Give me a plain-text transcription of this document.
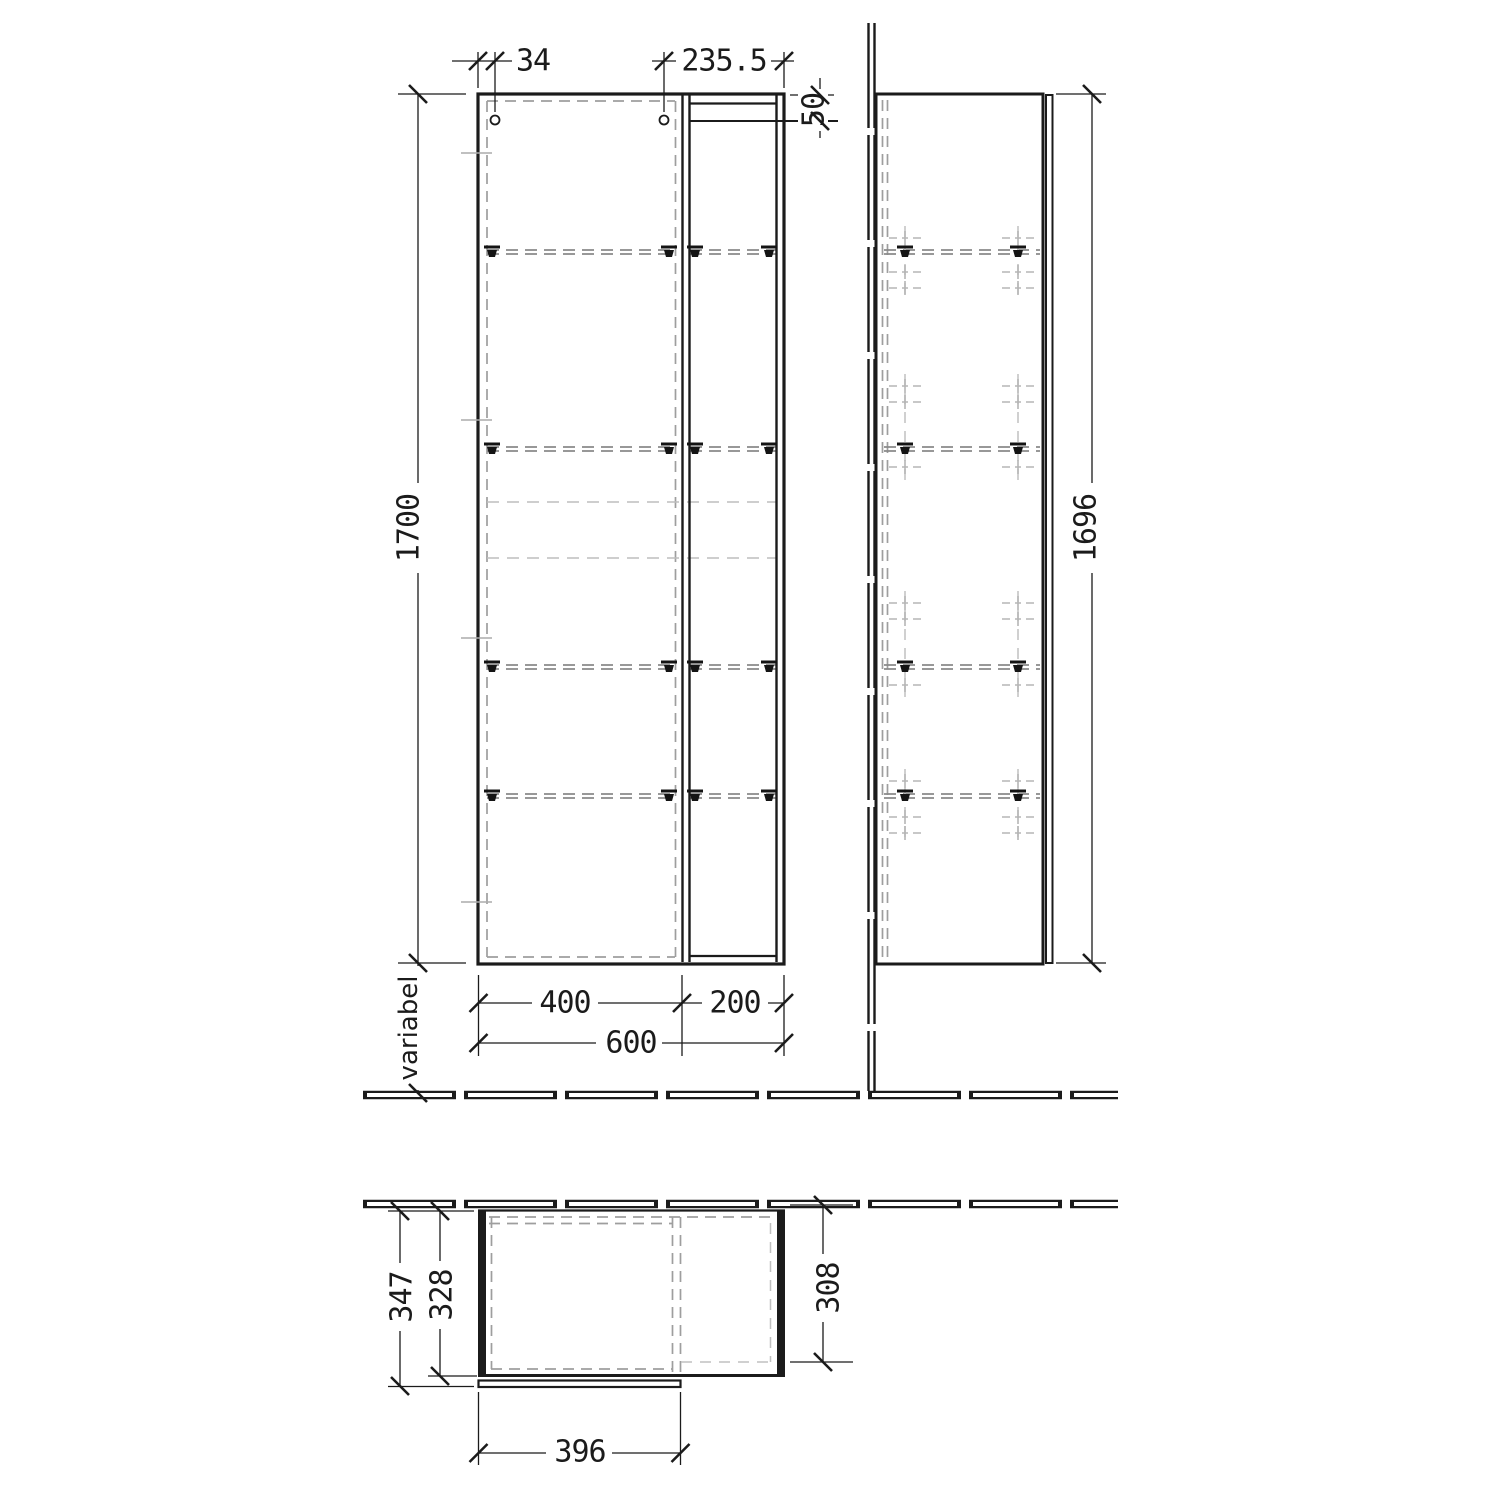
34	235.5
50
1700
variabel	400	200
600
1696
347 328	308
396
